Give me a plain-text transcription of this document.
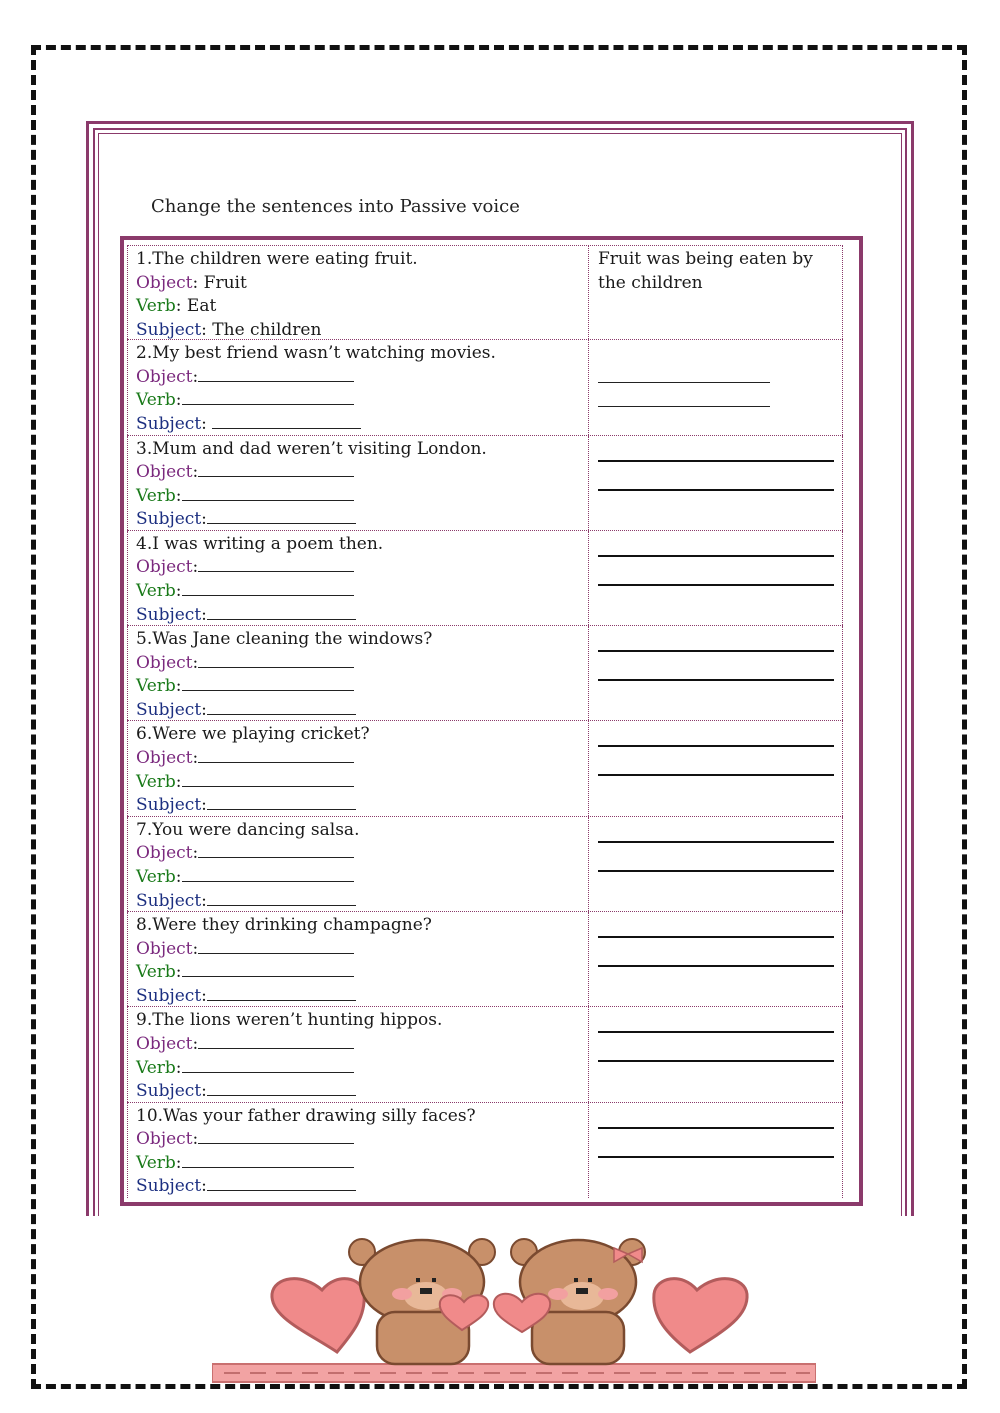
Change the sentences into Passive voice
1.The children were eating fruit.
Object: Fruit
Verb: Eat
Subject: The children
Fruit was being eaten by the children
2.My best friend wasn’t watching movies.
Object:
Verb:
Subject:
3.Mum and dad weren’t visiting London.
Object:
Verb:
Subject:
4.I was writing a poem then.
Object:
Verb:
Subject:
5.Was Jane cleaning the windows?
Object:
Verb:
Subject:
6.Were we playing cricket?
Object:
Verb:
Subject:
7.You were dancing salsa.
Object:
Verb:
Subject:
8.Were they drinking champagne?
Object:
Verb:
Subject:
9.The lions weren’t hunting hippos.
Object:
Verb:
Subject:
10.Was your father drawing silly faces?
Object:
Verb:
Subject:
